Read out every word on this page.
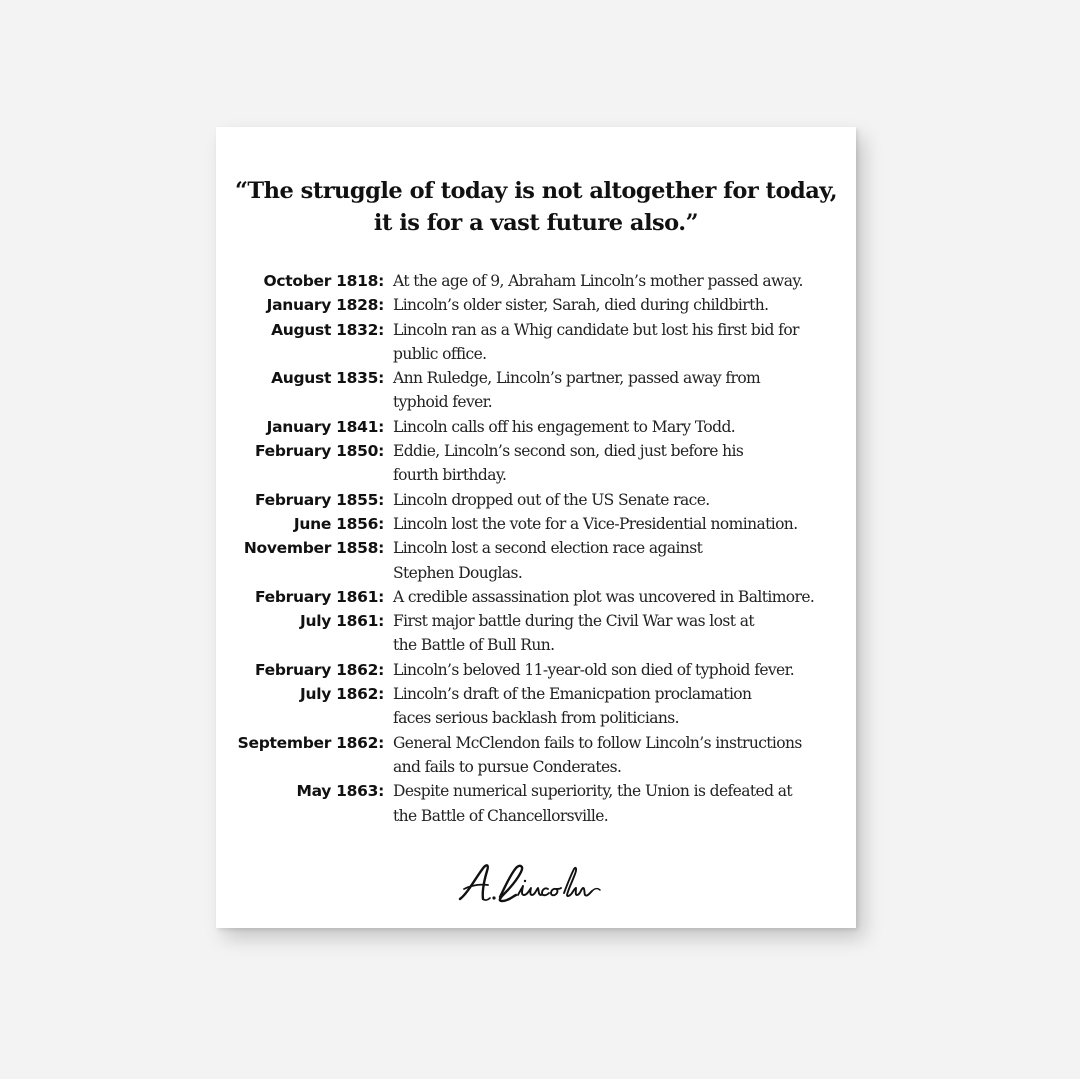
“The struggle of today is not altogether for today,
it is for a vast future also.”
October 1818: At the age of 9, Abraham Lincoln’s mother passed away.
January 1828: Lincoln’s older sister, Sarah, died during childbirth.
August 1832: Lincoln ran as a Whig candidate but lost his first bid for
public office.
August 1835: Ann Ruledge, Lincoln’s partner, passed away from
typhoid fever.
January 1841: Lincoln calls off his engagement to Mary Todd.
February 1850: Eddie, Lincoln’s second son, died just before his
fourth birthday.
February 1855: Lincoln dropped out of the US Senate race.
June 1856: Lincoln lost the vote for a Vice-Presidential nomination.
November 1858: Lincoln lost a second election race against
Stephen Douglas.
February 1861: A credible assassination plot was uncovered in Baltimore.
July 1861: First major battle during the Civil War was lost at
the Battle of Bull Run.
February 1862: Lincoln’s beloved 11-year-old son died of typhoid fever.
July 1862: Lincoln’s draft of the Emanicpation proclamation
faces serious backlash from politicians.
September 1862: General McClendon fails to follow Lincoln’s instructions
and fails to pursue Conderates.
May 1863: Despite numerical superiority, the Union is defeated at
the Battle of Chancellorsville.
